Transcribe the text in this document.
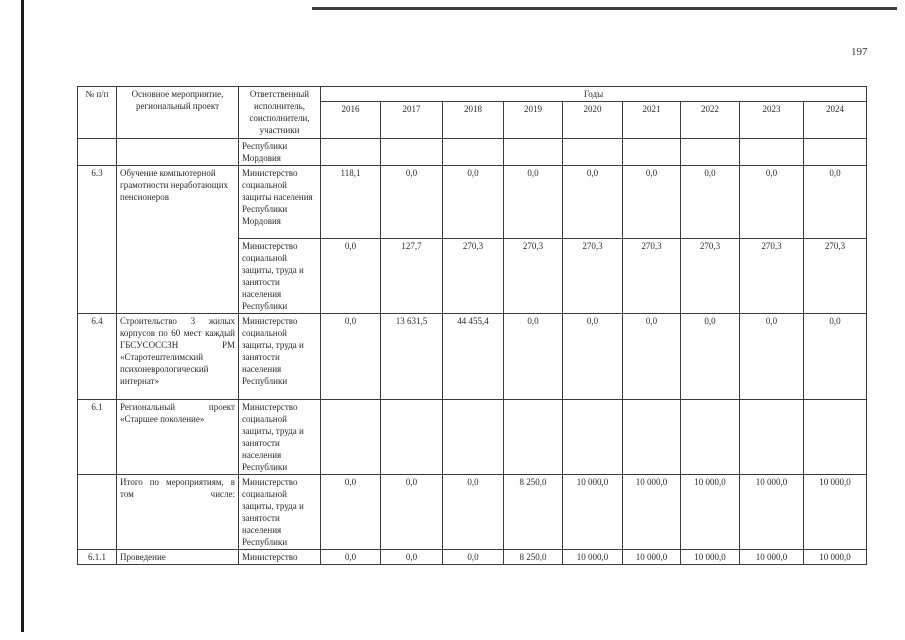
197
№ п/п	Основное мероприятие, региональный проект	Ответственный исполнитель, соисполнители, участники	Годы								
			2016	2017	2018	2019	2020	2021	2022	2023	2024
		Республики Мордовия									
6.3	Обучение компьютерной грамотности неработающих пенсионеров	Министерство социальной защиты населения Республики Мордовия	118,1	0,0	0,0	0,0	0,0	0,0	0,0	0,0	0,0
		Министерство социальной защиты, труда и занятости населения Республики	0,0	127,7	270,3	270,3	270,3	270,3	270,3	270,3	270,3
6.4	Строительство 3 жилых корпусов по 60 мест каждый ГБСУСОССЗН РМ «Старотештелимский психоневрологический интернат»	Министерство социальной защиты, труда и занятости населения Республики	0,0	13 631,5	44 455,4	0,0	0,0	0,0	0,0	0,0	0,0
6.1	Региональный проект «Старшее поколение»	Министерство социальной защиты, труда и занятости населения Республики									
	Итого по мероприятиям, в том числе:	Министерство социальной защиты, труда и занятости населения Республики	0,0	0,0	0,0	8 250,0	10 000,0	10 000,0	10 000,0	10 000,0	10 000,0
6.1.1	Проведение	Министерство	0,0	0,0	0,0	8 250,0	10 000,0	10 000,0	10 000,0	10 000,0	10 000,0
